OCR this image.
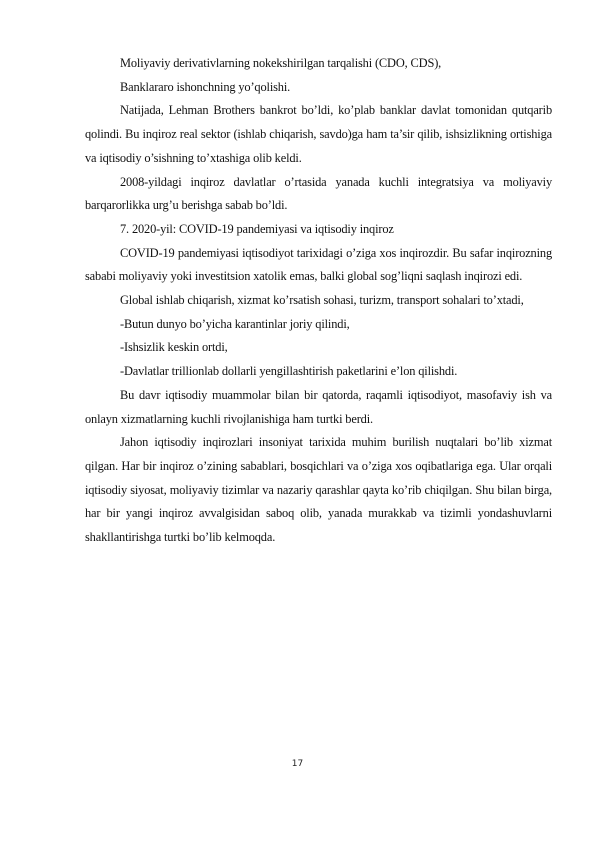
Moliyaviy derivativlarning nokekshirilgan tarqalishi (CDO, CDS),

Banklararo ishonchning yo’qolishi.

Natijada, Lehman Brothers bankrot bo’ldi, ko’plab banklar davlat tomonidan qutqarib qolindi. Bu inqiroz real sektor (ishlab chiqarish, savdo)ga ham ta’sir qilib, ishsizlikning ortishiga va iqtisodiy o’sishning to’xtashiga olib keldi.

2008-yildagi inqiroz davlatlar o’rtasida yanada kuchli integratsiya va moliyaviy barqarorlikka urg’u berishga sabab bo’ldi.

7. 2020-yil: COVID-19 pandemiyasi va iqtisodiy inqiroz

COVID-19 pandemiyasi iqtisodiyot tarixidagi o’ziga xos inqirozdir. Bu safar inqirozning sababi moliyaviy yoki investitsion xatolik emas, balki global sog’liqni saqlash inqirozi edi.

Global ishlab chiqarish, xizmat ko’rsatish sohasi, turizm, transport sohalari to’xtadi,

-Butun dunyo bo’yicha karantinlar joriy qilindi,

-Ishsizlik keskin ortdi,

-Davlatlar trillionlab dollarli yengillashtirish paketlarini e’lon qilishdi.

Bu davr iqtisodiy muammolar bilan bir qatorda, raqamli iqtisodiyot, masofaviy ish va onlayn xizmatlarning kuchli rivojlanishiga ham turtki berdi.

Jahon iqtisodiy inqirozlari insoniyat tarixida muhim burilish nuqtalari bo’lib xizmat qilgan. Har bir inqiroz o’zining sabablari, bosqichlari va o’ziga xos oqibatlariga ega. Ular orqali iqtisodiy siyosat, moliyaviy tizimlar va nazariy qarashlar qayta ko’rib chiqilgan. Shu bilan birga, har bir yangi inqiroz avvalgisidan saboq olib, yanada murakkab va tizimli yondashuvlarni shakllantirishga turtki bo’lib kelmoqda.

17
